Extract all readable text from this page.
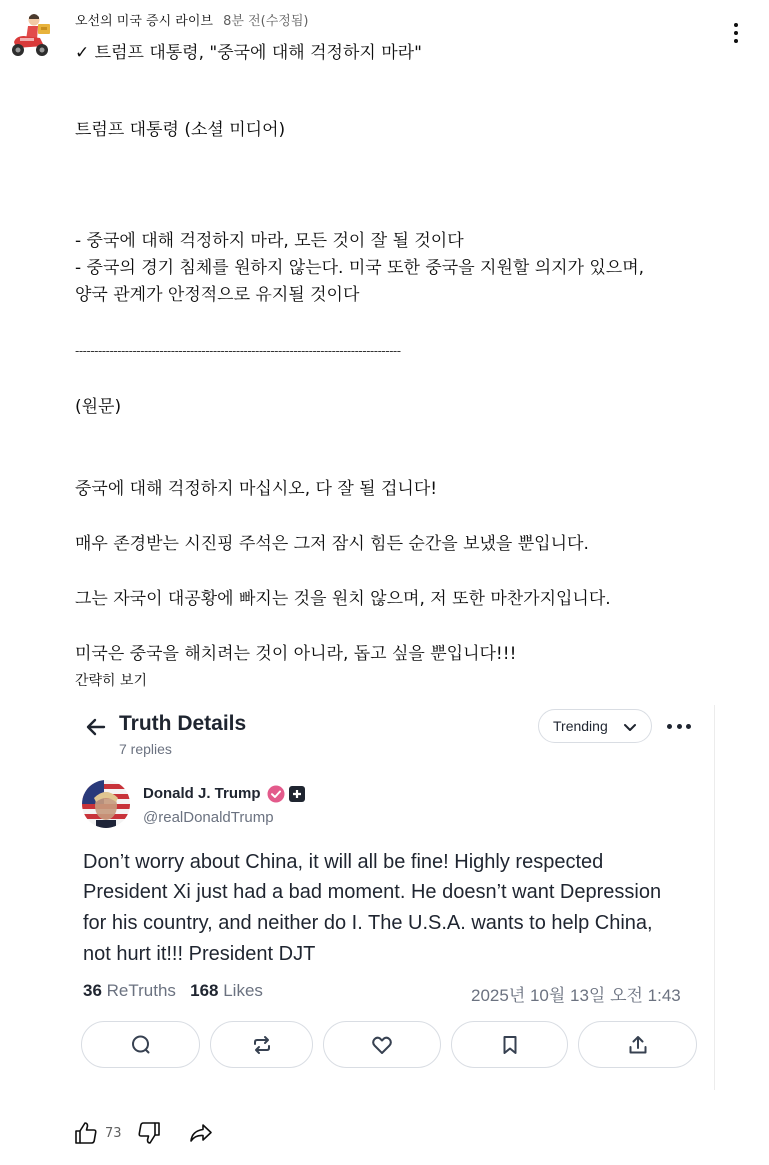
오선의 미국 증시 라이브 8분 전(수정됨)
✓ 트럼프 대통령, "중국에 대해 걱정하지 마라"
트럼프 대통령 (소셜 미디어)
- 중국에 대해 걱정하지 마라, 모든 것이 잘 될 것이다
- 중국의 경기 침체를 원하지 않는다. 미국 또한 중국을 지원할 의지가 있으며,
양국 관계가 안정적으로 유지될 것이다
-------------------------------------------------------------------------------------
(원문)
중국에 대해 걱정하지 마십시오, 다 잘 될 겁니다!
매우 존경받는 시진핑 주석은 그저 잠시 힘든 순간을 보냈을 뿐입니다.
그는 자국이 대공황에 빠지는 것을 원치 않으며, 저 또한 마찬가지입니다.
미국은 중국을 해치려는 것이 아니라, 돕고 싶을 뿐입니다!!!
간략히 보기
Truth Details
7 replies
Trending
Donald J. Trump
@realDonaldTrump
Don’t worry about China, it will all be fine! Highly respected
President Xi just had a bad moment. He doesn’t want Depression
for his country, and neither do I. The U.S.A. wants to help China,
not hurt it!!! President DJT
36 ReTruths 168 Likes	2025년 10월 13일 오전 1:43
73
